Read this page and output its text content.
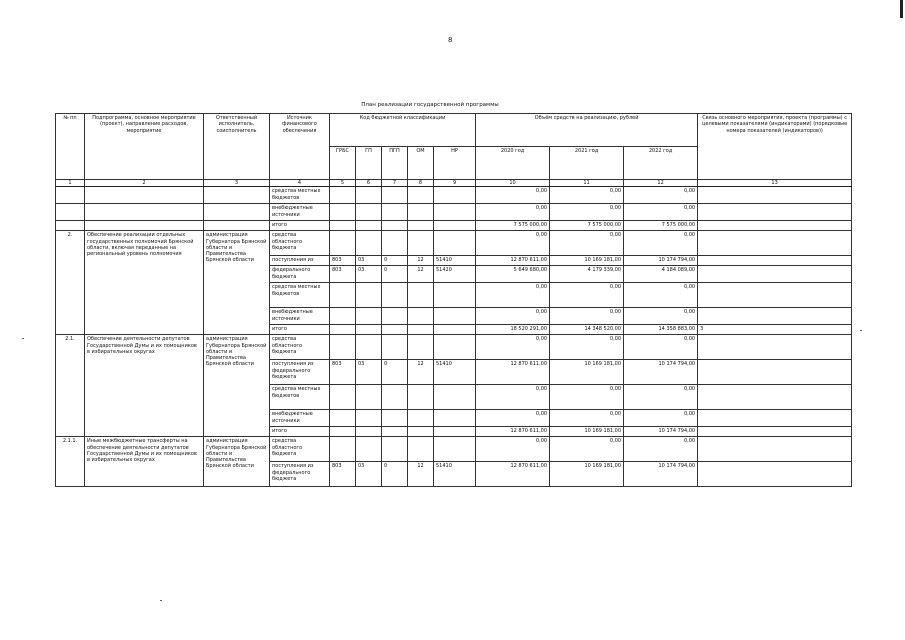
8
План реализации государственной программы
№ пп	Подпрограмма, основное мероприятие (проект), направление расходов, мероприятие	Ответственный исполнитель, соисполнитель	Источник финансового обеспечения	Код бюджетной классификации					Объём средств на реализацию, рублей			Связь основного мероприятия, проекта (программы) с целевыми показателями (индикаторами) (порядковые номера показателей (индикаторов))
				ГРБС	ГП	ПГП	ОМ	НР	2020 год	2021 год	2022 год	
1	2	3	4	5	6	7	8	9	10	11	12	13
			средства местных бюджетов						0,00	0,00	0,00	
			внебюджетные источники						0,00	0,00	0,00	
			итого						7 575 000,00	7 575 000,00	7 575 000,00	
2.	Обеспечение реализации отдельных государственных полномочий Брянской области, включая переданные на региональный уровень полномочия	администрация Губернатора Брянской области и Правительства Брянской области	средства областного бюджета						0,00	0,00	0,00	
			поступления из	803	03	0	12	51410	12 870 611,00	10 169 181,00	10 174 794,00	
			федерального бюджета	803	03	0	12	51420	5 649 680,00	4 179 339,00	4 184 089,00	
			средства местных бюджетов						0,00	0,00	0,00	
			внебюджетные источники						0,00	0,00	0,00	
			итого						18 520 291,00	14 348 520,00	14 358 883,00	3
2.1.	Обеспечение деятельности депутатов Государственной Думы и их помощников в избирательных округах	администрация Губернатора Брянской области и Правительства Брянской области	средства областного бюджета						0,00	0,00	0,00	
			поступления из федерального бюджета	803	03	0	12	51410	12 870 611,00	10 169 181,00	10 174 794,00	
			средства местных бюджетов						0,00	0,00	0,00	
			внебюджетные источники						0,00	0,00	0,00	
			итого						12 870 611,00	10 169 181,00	10 174 794,00	
2.1.1.	Иные межбюджетные трансферты на обеспечение деятельности депутатов Государственной Думы и их помощников в избирательных округах	администрация Губернатора Брянской области и Правительства Брянской области	средства областного бюджета						0,00	0,00	0,00	
			поступления из федерального бюджета	803	03	0	12	51410	12 870 611,00	10 169 181,00	10 174 794,00	
